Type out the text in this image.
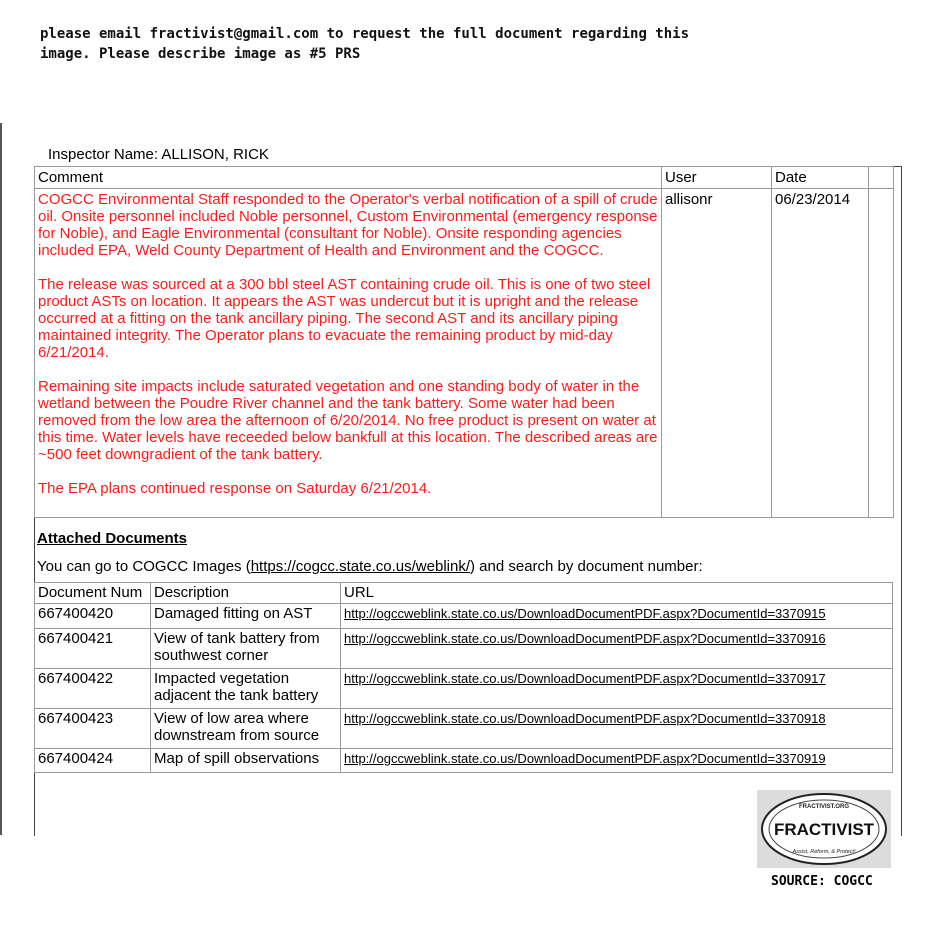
please email fractivist@gmail.com to request the full document regarding this image. Please describe image as #5 PRS
Inspector Name: ALLISON, RICK
Comment	User	Date	

COGCC Environmental Staff responded to the Operator's verbal notification of a spill of crude oil. Onsite personnel included Noble personnel, Custom Environmental (emergency response for Noble), and Eagle Environmental (consultant for Noble). Onsite responding agencies included EPA, Weld County Department of Health and Environment and the COGCC.

The release was sourced at a 300 bbl steel AST containing crude oil. This is one of two steel product ASTs on location. It appears the AST was undercut but it is upright and the release occurred at a fitting on the tank ancillary piping. The second AST and its ancillary piping maintained integrity. The Operator plans to evacuate the remaining product by mid-day 6/21/2014.

Remaining site impacts include saturated vegetation and one standing body of water in the wetland between the Poudre River channel and the tank battery. Some water had been removed from the low area the afternoon of 6/20/2014. No free product is present on water at this time. Water levels have receeded below bankfull at this location. The described areas are ~500 feet downgradient of the tank battery.

The EPA plans continued response on Saturday 6/21/2014.	allisonr	06/23/2014	
Attached Documents
You can go to COGCC Images (https://cogcc.state.co.us/weblink/) and search by document number:
Document Num	Description	URL
667400420	Damaged fitting on AST	http://ogccweblink.state.co.us/DownloadDocumentPDF.aspx?DocumentId=3370915
667400421	View of tank battery from southwest corner	http://ogccweblink.state.co.us/DownloadDocumentPDF.aspx?DocumentId=3370916
667400422	Impacted vegetation adjacent the tank battery	http://ogccweblink.state.co.us/DownloadDocumentPDF.aspx?DocumentId=3370917
667400423	View of low area where downstream from source	http://ogccweblink.state.co.us/DownloadDocumentPDF.aspx?DocumentId=3370918
667400424	Map of spill observations	http://ogccweblink.state.co.us/DownloadDocumentPDF.aspx?DocumentId=3370919
FRACTIVIST.ORG
FRACTIVIST
Assist, Reform, & Protect!
SOURCE: COGCC
